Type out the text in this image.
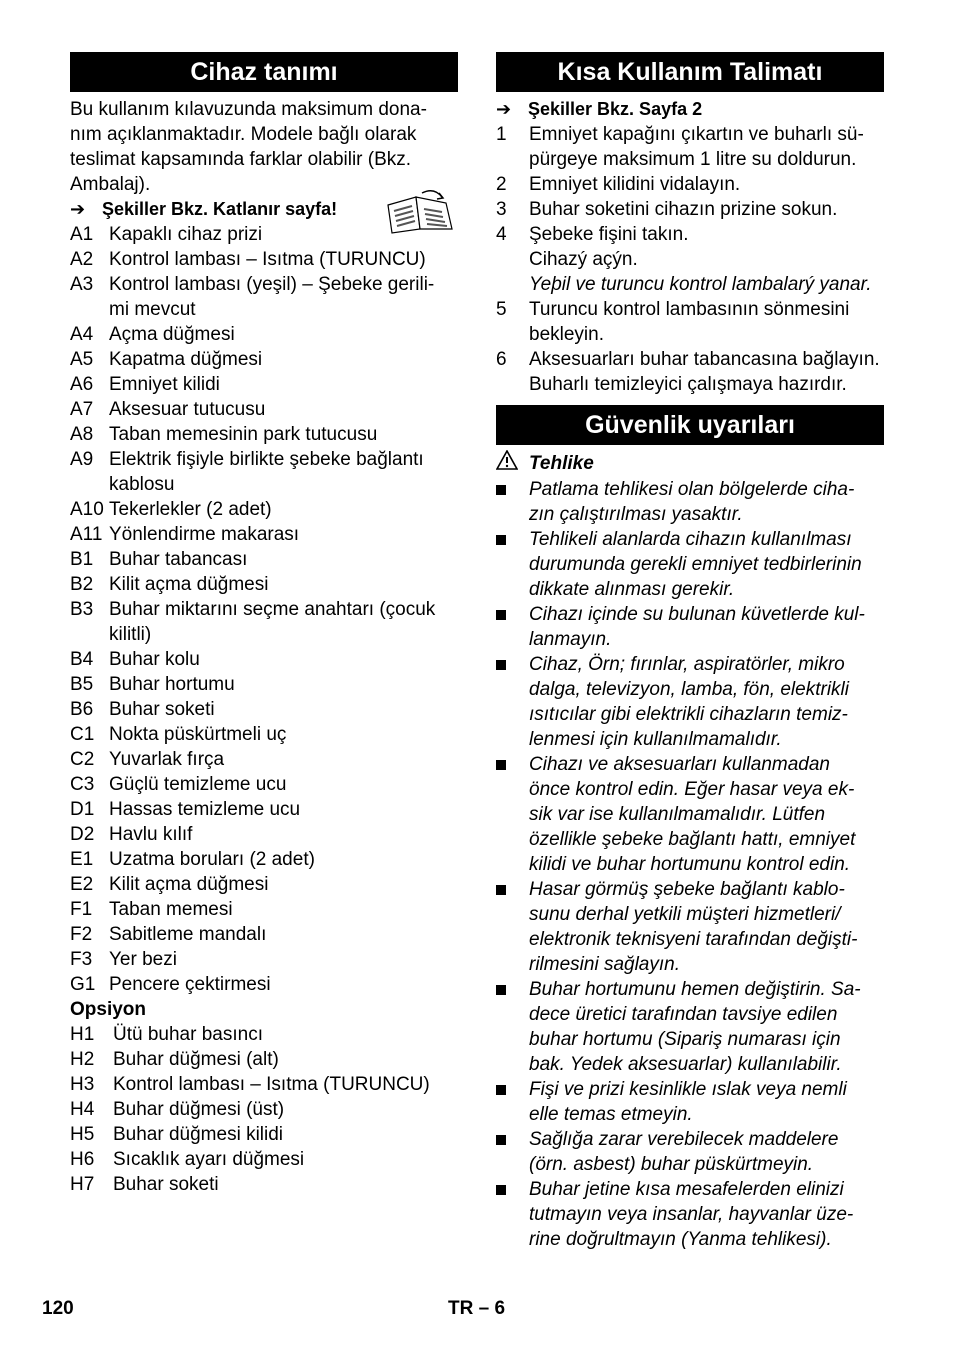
Cihaz tanımı
Bu kullanım kılavuzunda maksimum dona-
nım açıklanmaktadır. Modele bağlı olarak
teslimat kapsamında farklar olabilir (Bkz.
Ambalaj).
➔ Şekiller Bkz. Katlanır sayfa!
A1 Kapaklı cihaz prizi
A2 Kontrol lambası – Isıtma (TURUNCU)
A3 Kontrol lambası (yeşil) – Şebeke gerili-
mi mevcut
A4 Açma düğmesi
A5 Kapatma düğmesi
A6 Emniyet kilidi
A7 Aksesuar tutucusu
A8 Taban memesinin park tutucusu
A9 Elektrik fişiyle birlikte şebeke bağlantı
kablosu
A10 Tekerlekler (2 adet)
A11 Yönlendirme makarası
B1 Buhar tabancası
B2 Kilit açma düğmesi
B3 Buhar miktarını seçme anahtarı (çocuk
kilitli)
B4 Buhar kolu
B5 Buhar hortumu
B6 Buhar soketi
C1 Nokta püskürtmeli uç
C2 Yuvarlak fırça
C3 Güçlü temizleme ucu
D1 Hassas temizleme ucu
D2 Havlu kılıf
E1 Uzatma boruları (2 adet)
E2 Kilit açma düğmesi
F1 Taban memesi
F2 Sabitleme mandalı
F3 Yer bezi
G1 Pencere çektirmesi
Opsiyon
H1 Ütü buhar basıncı
H2 Buhar düğmesi (alt)
H3 Kontrol lambası – Isıtma (TURUNCU)
H4 Buhar düğmesi (üst)
H5 Buhar düğmesi kilidi
H6 Sıcaklık ayarı düğmesi
H7 Buhar soketi
Kısa Kullanım Talimatı
➔ Şekiller Bkz. Sayfa 2
1	Emniyet kapağını çıkartın ve buharlı sü-
pürgeye maksimum 1 litre su doldurun.
2	Emniyet kilidini vidalayın.
3	Buhar soketini cihazın prizine sokun.
4	Şebeke fişini takın.
Cihazý açýn.
Yeþil ve turuncu kontrol lambalarý yanar.
5	Turuncu kontrol lambasının sönmesini
bekleyin.
6	Aksesuarları buhar tabancasına bağlayın.
Buharlı temizleyici çalışmaya hazırdır.
Güvenlik uyarıları
Tehlike
Patlama tehlikesi olan bölgelerde ciha-
zın çalıştırılması yasaktır.
Tehlikeli alanlarda cihazın kullanılması
durumunda gerekli emniyet tedbirlerinin
dikkate alınması gerekir.
Cihazı içinde su bulunan küvetlerde kul-
lanmayın.
Cihaz, Örn; fırınlar, aspiratörler, mikro
dalga, televizyon, lamba, fön, elektrikli
ısıtıcılar gibi elektrikli cihazların temiz-
lenmesi için kullanılmamalıdır.
Cihazı ve aksesuarları kullanmadan
önce kontrol edin. Eğer hasar veya ek-
sik var ise kullanılmamalıdır. Lütfen
özellikle şebeke bağlantı hattı, emniyet
kilidi ve buhar hortumunu kontrol edin.
Hasar görmüş şebeke bağlantı kablo-
sunu derhal yetkili müşteri hizmetleri/
elektronik teknisyeni tarafından değişti-
rilmesini sağlayın.
Buhar hortumunu hemen değiştirin. Sa-
dece üretici tarafından tavsiye edilen
buhar hortumu (Sipariş numarası için
bak. Yedek aksesuarlar) kullanılabilir.
Fişi ve prizi kesinlikle ıslak veya nemli
elle temas etmeyin.
Sağlığa zarar verebilecek maddelere
(örn. asbest) buhar püskürtmeyin.
Buhar jetine kısa mesafelerden elinizi
tutmayın veya insanlar, hayvanlar üze-
rine doğrultmayın (Yanma tehlikesi).
120	TR – 6
